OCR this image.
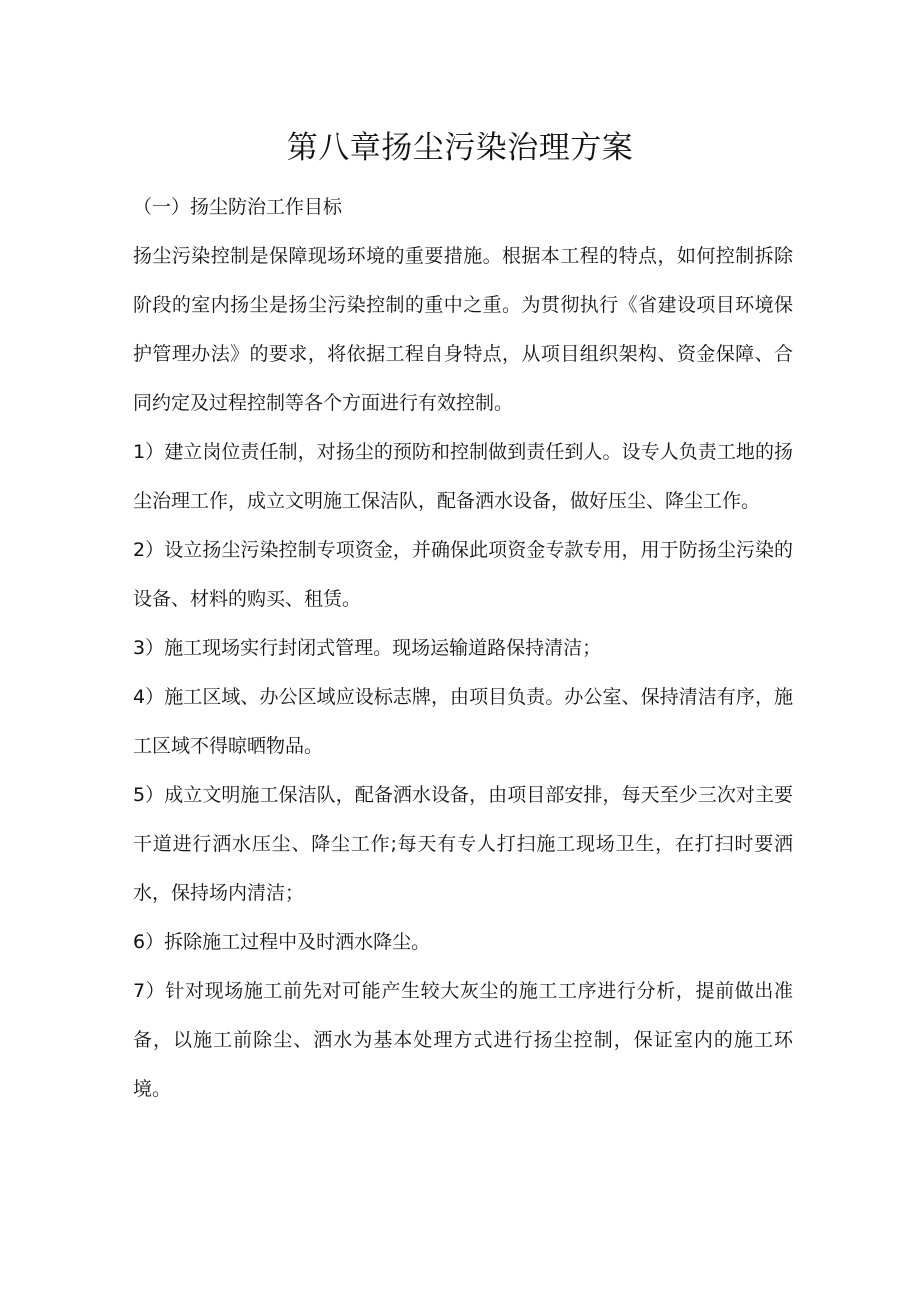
第八章扬尘污染治理方案
（一）扬尘防治工作目标

扬尘污染控制是保障现场环境的重要措施。根据本工程的特点，如何控制拆除阶段的室内扬尘是扬尘污染控制的重中之重。为贯彻执行《省建设项目环境保护管理办法》的要求，将依据工程自身特点，从项目组织架构、资金保障、合同约定及过程控制等各个方面进行有效控制。

1）建立岗位责任制，对扬尘的预防和控制做到责任到人。设专人负责工地的扬尘治理工作，成立文明施工保洁队，配备洒水设备，做好压尘、降尘工作。

2）设立扬尘污染控制专项资金，并确保此项资金专款专用，用于防扬尘污染的设备、材料的购买、租赁。

3）施工现场实行封闭式管理。现场运输道路保持清洁；

4）施工区域、办公区域应设标志牌，由项目负责。办公室、保持清洁有序，施工区域不得晾晒物品。

5）成立文明施工保洁队，配备洒水设备，由项目部安排，每天至少三次对主要干道进行洒水压尘、降尘工作;每天有专人打扫施工现场卫生，在打扫时要洒水，保持场内清洁；

6）拆除施工过程中及时洒水降尘。

7）针对现场施工前先对可能产生较大灰尘的施工工序进行分析，提前做出准备，以施工前除尘、洒水为基本处理方式进行扬尘控制，保证室内的施工环境。
